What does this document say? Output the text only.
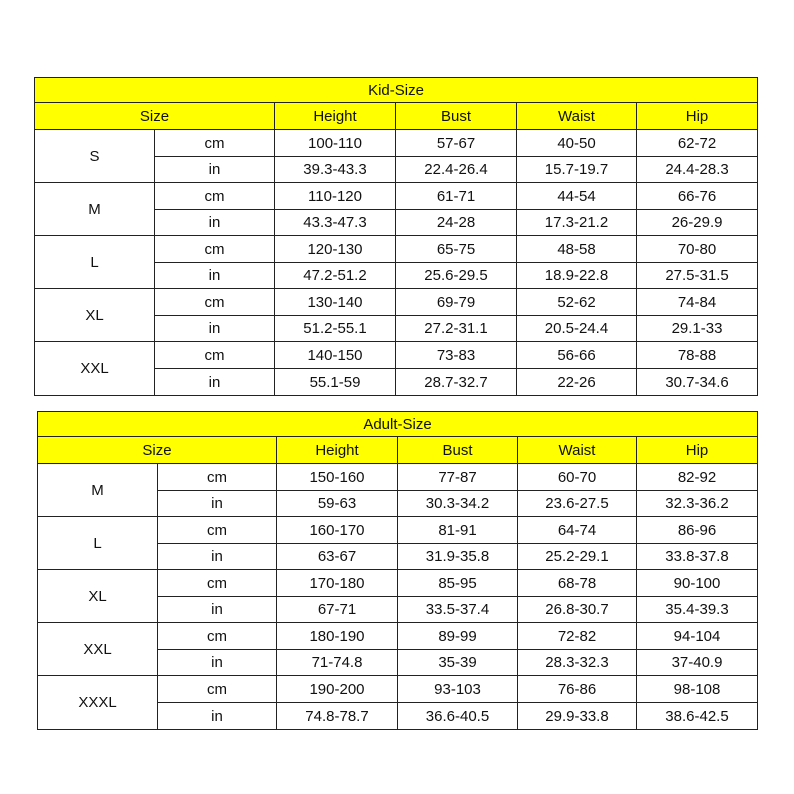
Kid-Size					
Size		Height	Bust	Waist	Hip
S	cm	100-110	57-67	40-50	62-72
	in	39.3-43.3	22.4-26.4	15.7-19.7	24.4-28.3
M	cm	110-120	61-71	44-54	66-76
	in	43.3-47.3	24-28	17.3-21.2	26-29.9
L	cm	120-130	65-75	48-58	70-80
	in	47.2-51.2	25.6-29.5	18.9-22.8	27.5-31.5
XL	cm	130-140	69-79	52-62	74-84
	in	51.2-55.1	27.2-31.1	20.5-24.4	29.1-33
XXL	cm	140-150	73-83	56-66	78-88
	in	55.1-59	28.7-32.7	22-26	30.7-34.6
Adult-Size					
Size		Height	Bust	Waist	Hip
M	cm	150-160	77-87	60-70	82-92
	in	59-63	30.3-34.2	23.6-27.5	32.3-36.2
L	cm	160-170	81-91	64-74	86-96
	in	63-67	31.9-35.8	25.2-29.1	33.8-37.8
XL	cm	170-180	85-95	68-78	90-100
	in	67-71	33.5-37.4	26.8-30.7	35.4-39.3
XXL	cm	180-190	89-99	72-82	94-104
	in	71-74.8	35-39	28.3-32.3	37-40.9
XXXL	cm	190-200	93-103	76-86	98-108
	in	74.8-78.7	36.6-40.5	29.9-33.8	38.6-42.5
